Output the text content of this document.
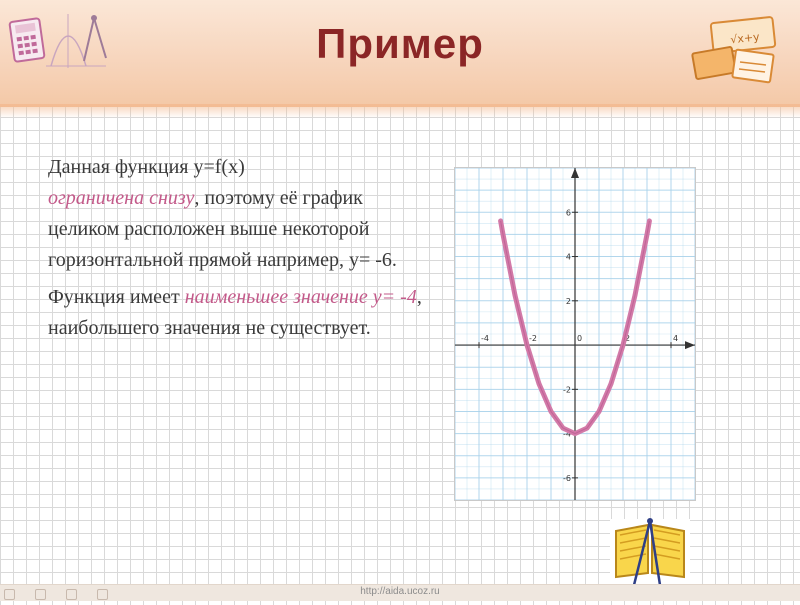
Пример	√x+y

Данная функция y=f(x)
ограничена снизу, поэтому её график целиком расположен выше некоторой горизонтальной прямой например, y= -6.

Функция имеет наименьшее значение y= -4, наибольшего значения не существует.	-4	-2	0	2	4
-6
-4
-2
2
4
6

http://aida.ucoz.ru
